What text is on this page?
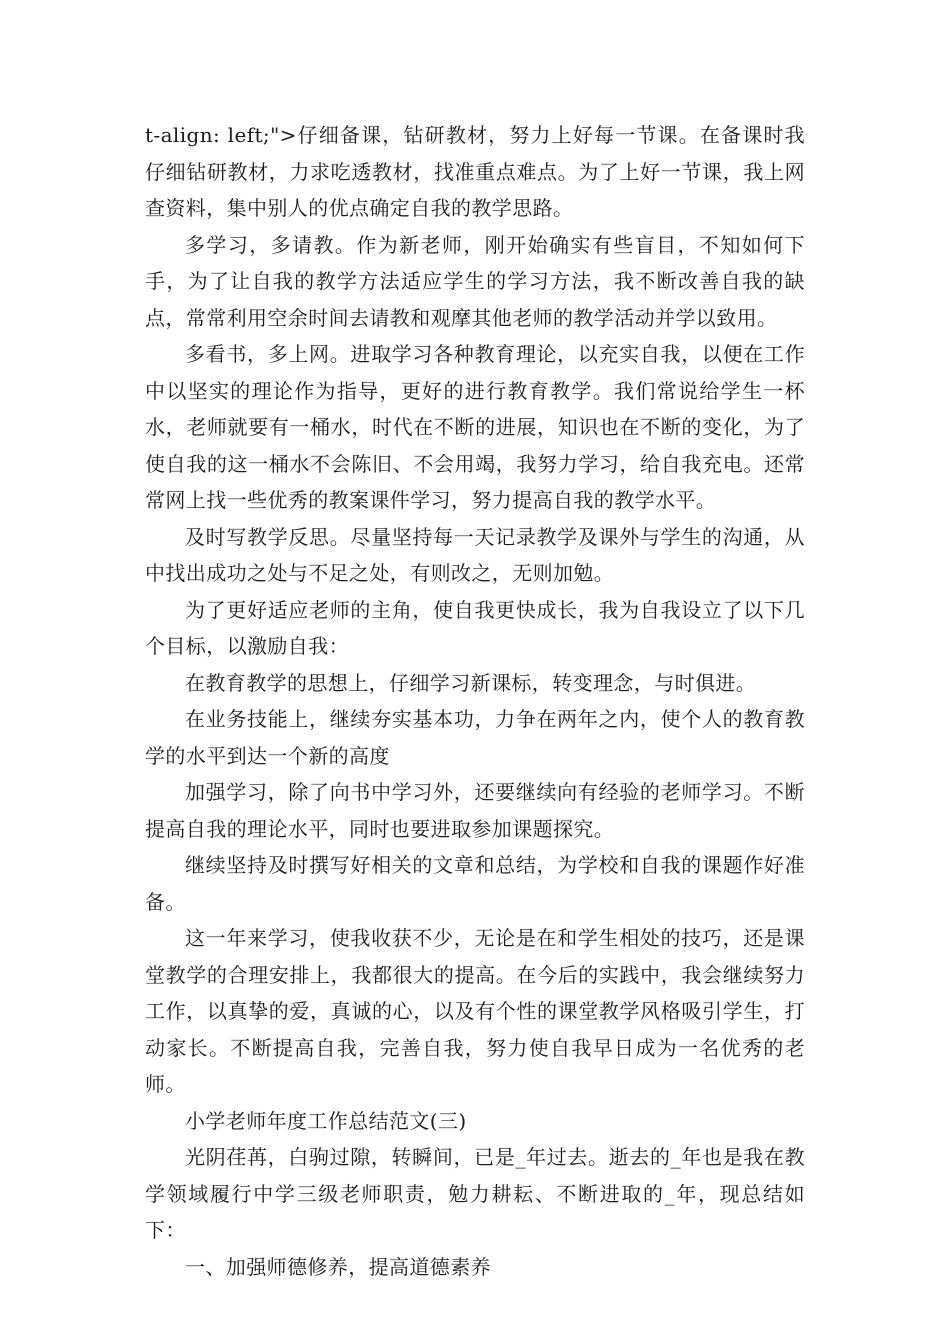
t-align: left;">仔细备课，钻研教材，努力上好每一节课。在备课时我仔细钻研教材，力求吃透教材，找准重点难点。为了上好一节课，我上网查资料，集中别人的优点确定自我的教学思路。

多学习，多请教。作为新老师，刚开始确实有些盲目，不知如何下手，为了让自我的教学方法适应学生的学习方法，我不断改善自我的缺点，常常利用空余时间去请教和观摩其他老师的教学活动并学以致用。

多看书，多上网。进取学习各种教育理论，以充实自我，以便在工作中以坚实的理论作为指导，更好的进行教育教学。我们常说给学生一杯水，老师就要有一桶水，时代在不断的进展，知识也在不断的变化，为了使自我的这一桶水不会陈旧、不会用竭，我努力学习，给自我充电。还常常网上找一些优秀的教案课件学习，努力提高自我的教学水平。

及时写教学反思。尽量坚持每一天记录教学及课外与学生的沟通，从中找出成功之处与不足之处，有则改之，无则加勉。

为了更好适应老师的主角，使自我更快成长，我为自我设立了以下几个目标，以激励自我：

在教育教学的思想上，仔细学习新课标，转变理念，与时俱进。

在业务技能上，继续夯实基本功，力争在两年之内，使个人的教育教学的水平到达一个新的高度

加强学习，除了向书中学习外，还要继续向有经验的老师学习。不断提高自我的理论水平，同时也要进取参加课题探究。

继续坚持及时撰写好相关的文章和总结，为学校和自我的课题作好准备。

这一年来学习，使我收获不少，无论是在和学生相处的技巧，还是课堂教学的合理安排上，我都很大的提高。在今后的实践中，我会继续努力工作，以真挚的爱，真诚的心，以及有个性的课堂教学风格吸引学生，打动家长。不断提高自我，完善自我，努力使自我早日成为一名优秀的老师。

小学老师年度工作总结范文(三)

光阴荏苒，白驹过隙，转瞬间，已是_年过去。逝去的_年也是我在教学领域履行中学三级老师职责，勉力耕耘、不断进取的_年，现总结如下：

一、加强师德修养，提高道德素养
